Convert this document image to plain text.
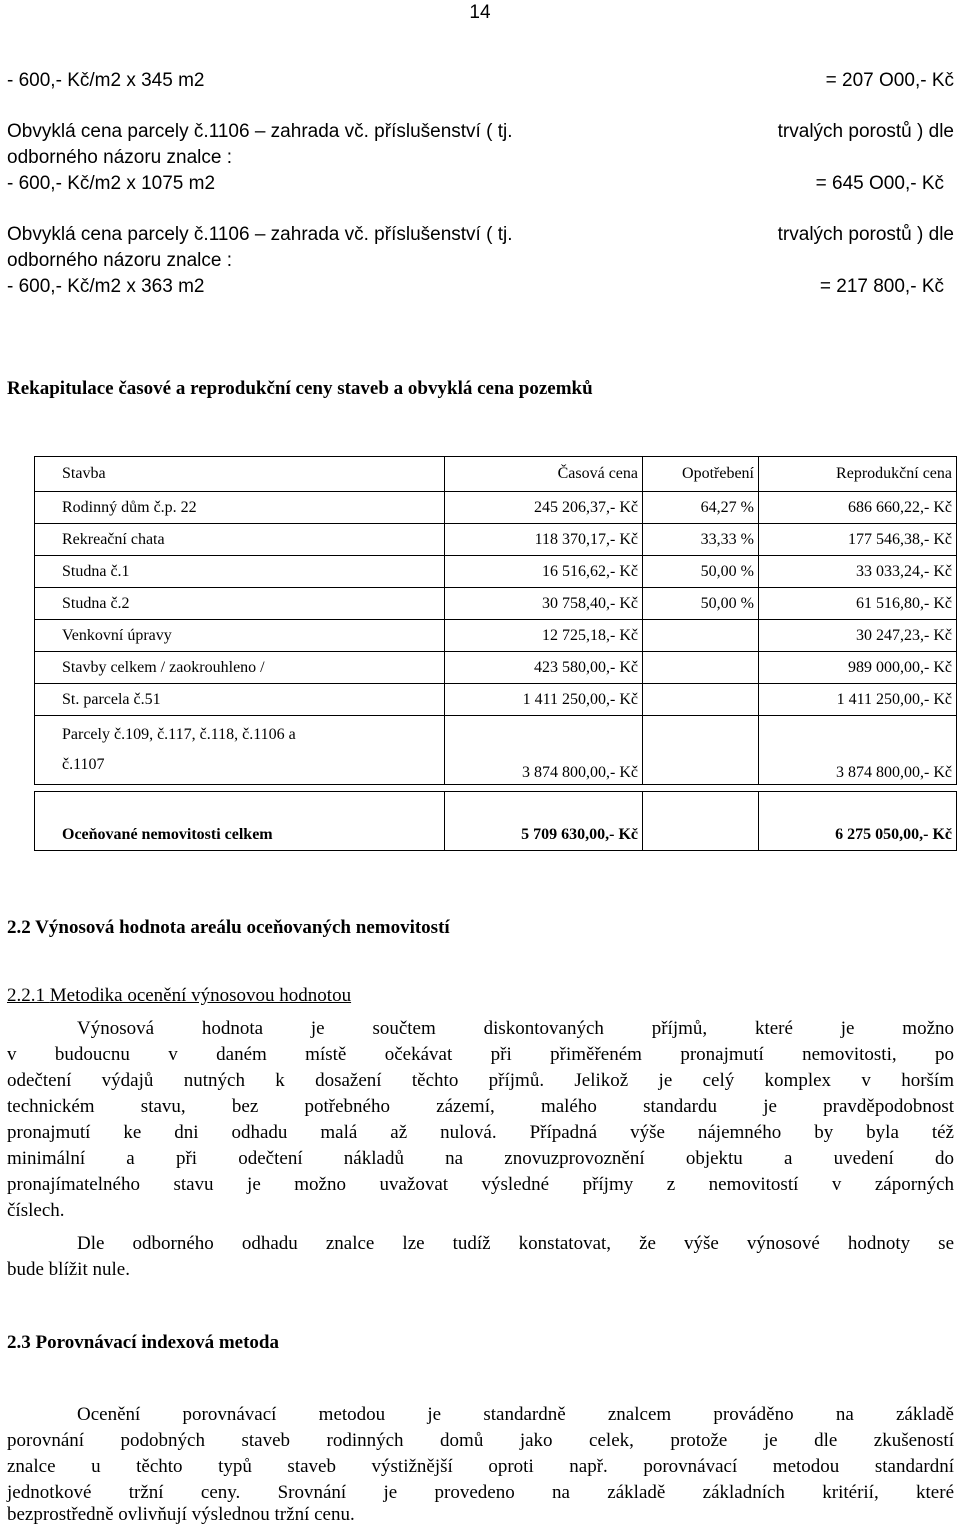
14
- 600,- Kč/m2 x 345 m2	= 207 O00,- Kč
Obvyklá cena parcely č.1106 – zahrada vč. příslušenství ( tj.	trvalých porostů ) dle
odborného názoru znalce :
- 600,- Kč/m2 x 1075 m2	= 645 O00,- Kč
Obvyklá cena parcely č.1106 – zahrada vč. příslušenství ( tj.	trvalých porostů ) dle
odborného názoru znalce :
- 600,- Kč/m2 x 363 m2	= 217 800,- Kč
Rekapitulace časové a reprodukční ceny staveb a obvyklá cena pozemků
Stavba	Časová cena	Opotřebení	Reprodukční cena
Rodinný dům č.p. 22	245 206,37,- Kč	64,27 %	686 660,22,- Kč
Rekreační chata	118 370,17,- Kč	33,33 %	177 546,38,- Kč
Studna č.1	16 516,62,- Kč	50,00 %	33 033,24,- Kč
Studna č.2	30 758,40,- Kč	50,00 %	61 516,80,- Kč
Venkovní úpravy	12 725,18,- Kč		30 247,23,- Kč
Stavby celkem / zaokrouhleno /	423 580,00,- Kč		989 000,00,- Kč
St. parcela č.51	1 411 250,00,- Kč		1 411 250,00,- Kč

Parcely č.109, č.117, č.118, č.1106 a
č.1107	3 874 800,00,- Kč		3 874 800,00,- Kč

Oceňované nemovitosti celkem	5 709 630,00,- Kč		6 275 050,00,- Kč
2.2 Výnosová hodnota areálu oceňovaných nemovitostí
2.2.1 Metodika ocenění výnosovou hodnotou
Výnosová hodnota je součtem diskontovaných příjmů, které je možno
v budoucnu v daném místě očekávat při přiměřeném pronajmutí nemovitosti, po
odečtení výdajů nutných k dosažení těchto příjmů. Jelikož je celý komplex v horším
technickém stavu, bez potřebného zázemí, malého standardu je pravděpodobnost
pronajmutí ke dni odhadu malá až nulová. Případná výše nájemného by byla též
minimální a při odečtení nákladů na znovuzprovoznění objektu a uvedení do
pronajímatelného stavu je možno uvažovat výsledné příjmy z nemovitostí v záporných
číslech.
Dle odborného odhadu znalce lze tudíž konstatovat, že výše výnosové hodnoty se
bude blížit nule.
2.3 Porovnávací indexová metoda
Ocenění porovnávací metodou je standardně znalcem prováděno na základě
porovnání podobných staveb rodinných domů jako celek, protože je dle zkušeností
znalce u těchto typů staveb výstižnější oproti např. porovnávací metodou standardní
jednotkové tržní ceny. Srovnání je provedeno na základě základních kritérií, které
bezprostředně ovlivňují výslednou tržní cenu.
